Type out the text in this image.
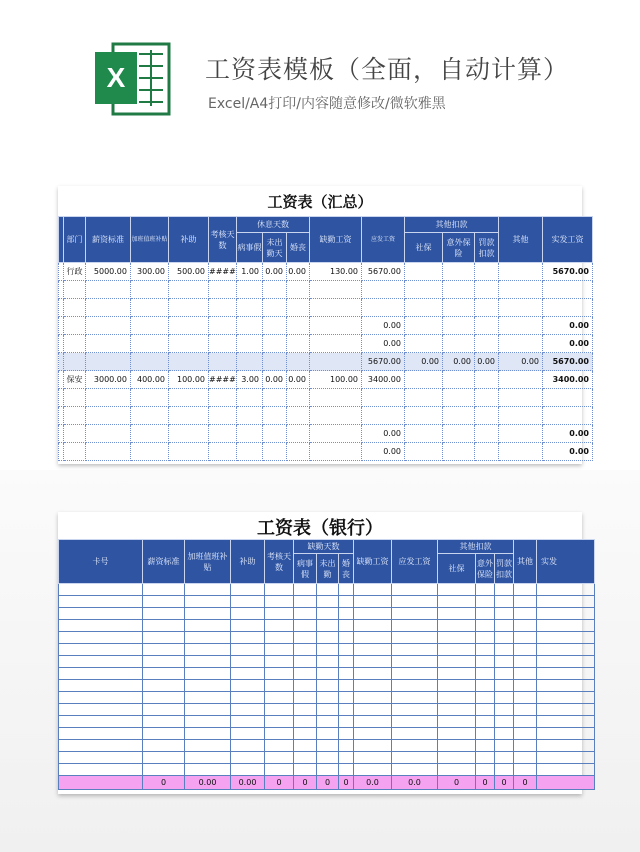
X	工资表模板（全面，自动计算）
Excel/A4打印/内容随意修改/微软雅黑
工资表（汇总）
	部门	薪资标准	加班值班补贴	补助	考核天数	休息天数			缺勤工资	应发工资	其他扣款			其他	实发工资
						病事假	未出勤天	婚丧			社保	意外保险	罚款扣款		

	行政	5000.00	300.00	500.00	####	1.00	0.00	0.00	130.00	5670.00					5670.00

										0.00					0.00
										0.00					0.00
										5670.00	0.00	0.00	0.00	0.00	5670.00
	保安	3000.00	400.00	100.00	####	3.00	0.00	0.00	100.00	3400.00					3400.00

										0.00					0.00
										0.00					0.00
工资表（银行）
卡号	薪资标准	加班值班补贴	补助	考核天数	缺勤天数			缺勤工资	应发工资	其他扣款			其他	实发
					病事假	未出勤	婚丧			社保	意外保险	罚款扣款		

	0	0.00	0.00	0	0	0	0	0.0	0.0	0	0	0	0	
